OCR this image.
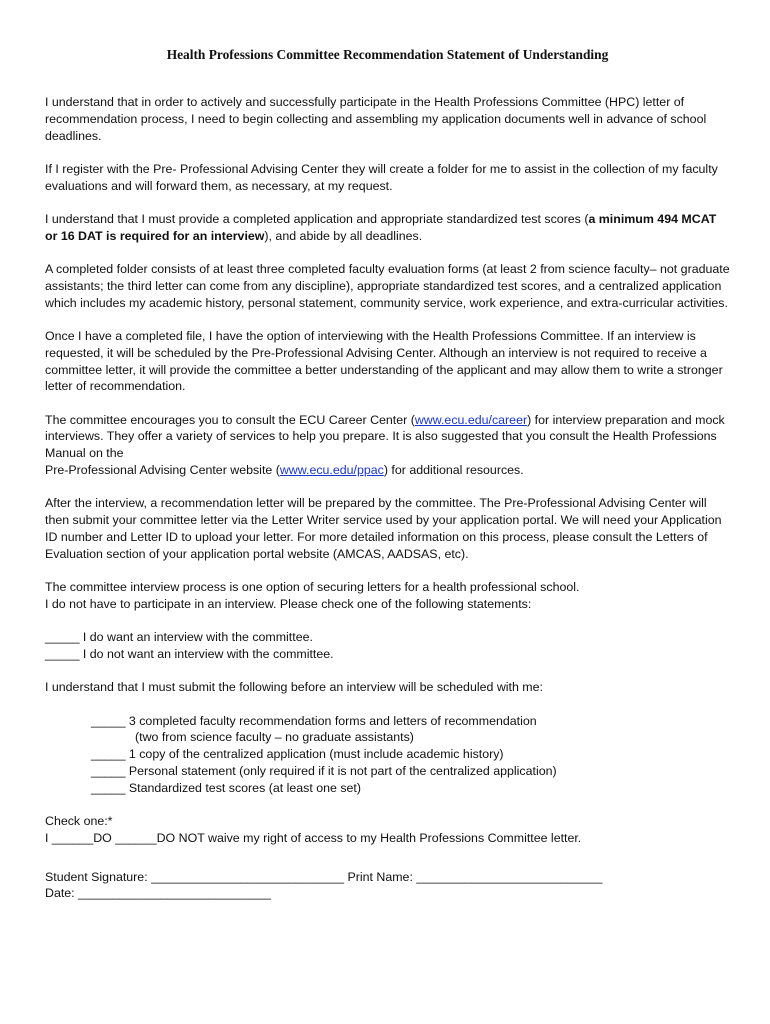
Health Professions Committee Recommendation Statement of Understanding

I understand that in order to actively and successfully participate in the Health Professions Committee (HPC) letter of recommendation process, I need to begin collecting and assembling my application documents well in advance of school deadlines.

If I register with the Pre- Professional Advising Center they will create a folder for me to assist in the collection of my faculty evaluations and will forward them, as necessary, at my request.

I understand that I must provide a completed application and appropriate standardized test scores (a minimum 494 MCAT or 16 DAT is required for an interview), and abide by all deadlines.

A completed folder consists of at least three completed faculty evaluation forms (at least 2 from science faculty– not graduate assistants; the third letter can come from any discipline), appropriate standardized test scores, and a centralized application which includes my academic history, personal statement, community service, work experience, and extra-curricular activities.

Once I have a completed file, I have the option of interviewing with the Health Professions Committee. If an interview is requested, it will be scheduled by the Pre-Professional Advising Center. Although an interview is not required to receive a committee letter, it will provide the committee a better understanding of the applicant and may allow them to write a stronger letter of recommendation.

The committee encourages you to consult the ECU Career Center (www.ecu.edu/career) for interview preparation and mock interviews. They offer a variety of services to help you prepare. It is also suggested that you consult the Health Professions Manual on the
Pre-Professional Advising Center website (www.ecu.edu/ppac) for additional resources.

After the interview, a recommendation letter will be prepared by the committee. The Pre-Professional Advising Center will then submit your committee letter via the Letter Writer service used by your application portal. We will need your Application ID number and Letter ID to upload your letter. For more detailed information on this process, please consult the Letters of Evaluation section of your application portal website (AMCAS, AADSAS, etc).

The committee interview process is one option of securing letters for a health professional school.
I do not have to participate in an interview. Please check one of the following statements:

_____ I do want an interview with the committee.
_____ I do not want an interview with the committee.

I understand that I must submit the following before an interview will be scheduled with me:

_____ 3 completed faculty recommendation forms and letters of recommendation
(two from science faculty – no graduate assistants)
_____ 1 copy of the centralized application (must include academic history)
_____ Personal statement (only required if it is not part of the centralized application)
_____ Standardized test scores (at least one set)

Check one:*
I ______DO ______DO NOT waive my right of access to my Health Professions Committee letter.

Student Signature: ____________________________ Print Name: ___________________________
Date: ____________________________
